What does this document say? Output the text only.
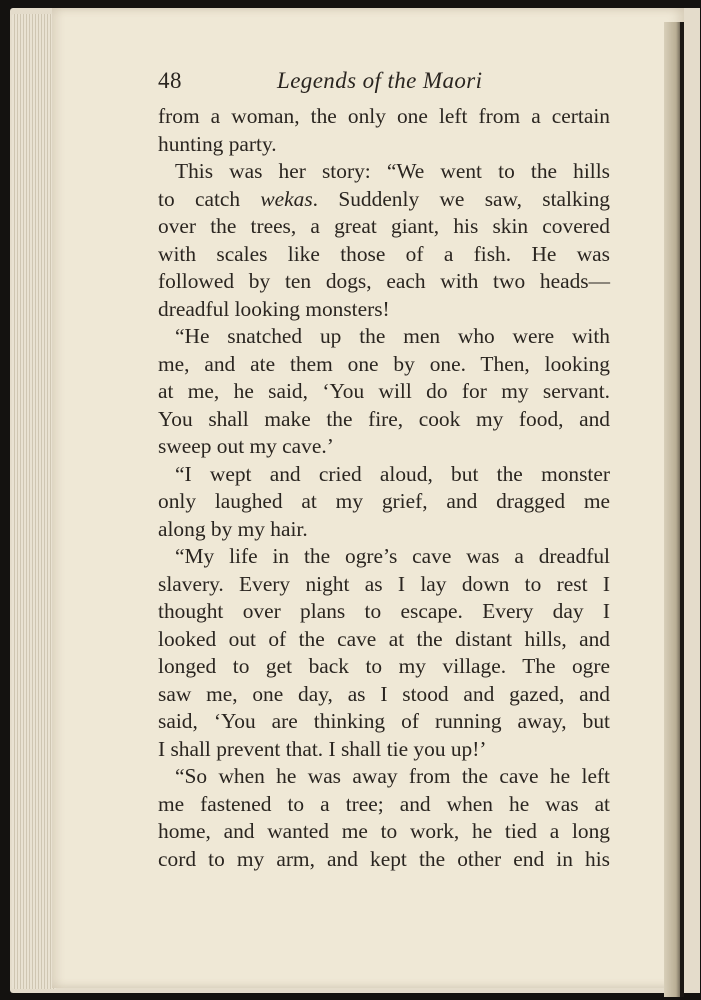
48	Legends of the Maori
from a woman, the only one left from a certain
hunting party.
This was her story: “We went to the hills
to catch wekas. Suddenly we saw, stalking
over the trees, a great giant, his skin covered
with scales like those of a fish. He was
followed by ten dogs, each with two heads—
dreadful looking monsters!
“He snatched up the men who were with
me, and ate them one by one. Then, looking
at me, he said, ‘You will do for my servant.
You shall make the fire, cook my food, and
sweep out my cave.’
“I wept and cried aloud, but the monster
only laughed at my grief, and dragged me
along by my hair.
“My life in the ogre’s cave was a dreadful
slavery. Every night as I lay down to rest I
thought over plans to escape. Every day I
looked out of the cave at the distant hills, and
longed to get back to my village. The ogre
saw me, one day, as I stood and gazed, and
said, ‘You are thinking of running away, but
I shall prevent that. I shall tie you up!’
“So when he was away from the cave he left
me fastened to a tree; and when he was at
home, and wanted me to work, he tied a long
cord to my arm, and kept the other end in his
